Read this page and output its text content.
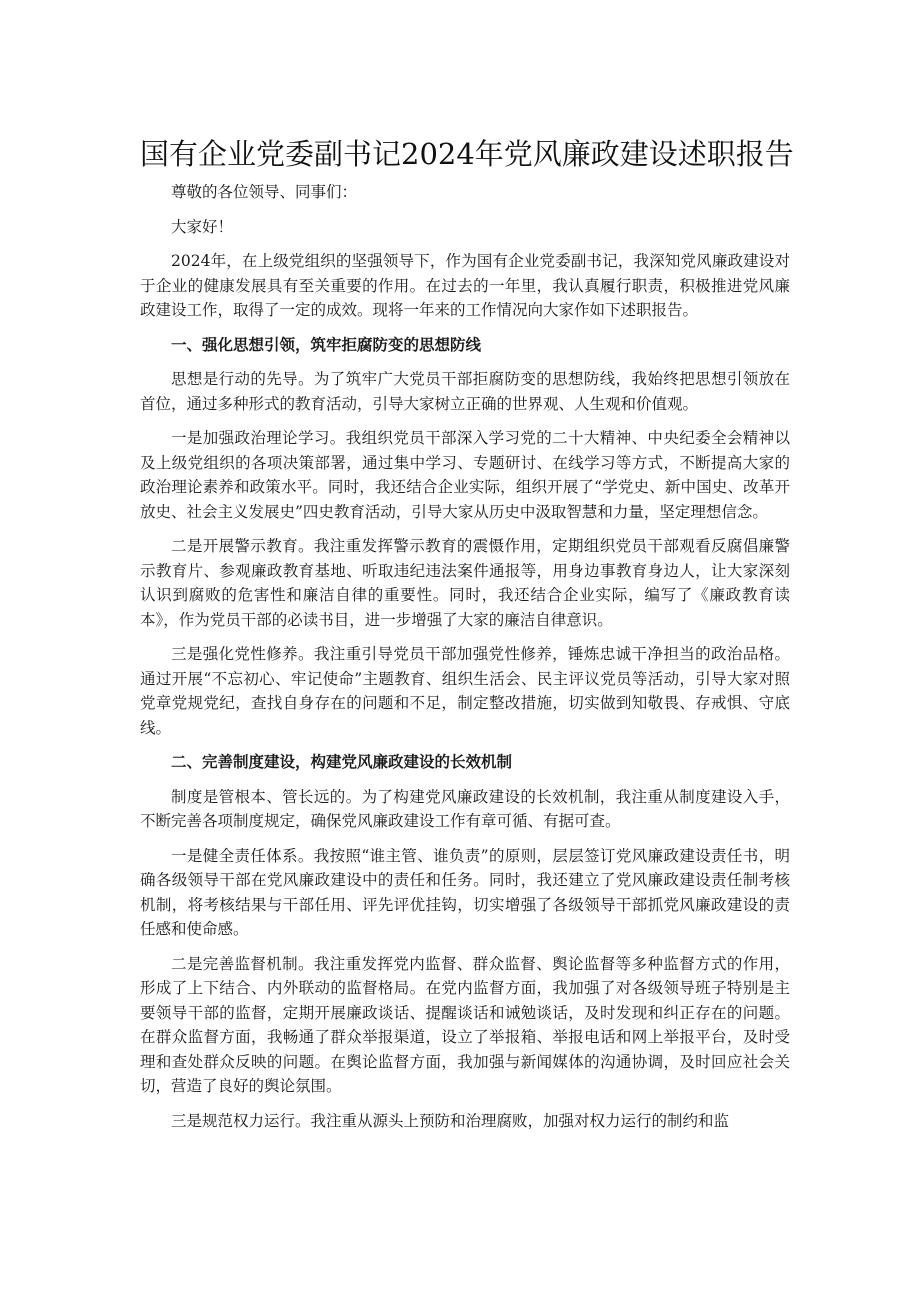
国有企业党委副书记2024年党风廉政建设述职报告

尊敬的各位领导、同事们：

大家好！

2024年，在上级党组织的坚强领导下，作为国有企业党委副书记，我深知党风廉政建设对于企业的健康发展具有至关重要的作用。在过去的一年里，我认真履行职责，积极推进党风廉政建设工作，取得了一定的成效。现将一年来的工作情况向大家作如下述职报告。

一、强化思想引领，筑牢拒腐防变的思想防线

思想是行动的先导。为了筑牢广大党员干部拒腐防变的思想防线，我始终把思想引领放在首位，通过多种形式的教育活动，引导大家树立正确的世界观、人生观和价值观。

一是加强政治理论学习。我组织党员干部深入学习党的二十大精神、中央纪委全会精神以及上级党组织的各项决策部署，通过集中学习、专题研讨、在线学习等方式，不断提高大家的政治理论素养和政策水平。同时，我还结合企业实际，组织开展了“学党史、新中国史、改革开放史、社会主义发展史”四史教育活动，引导大家从历史中汲取智慧和力量，坚定理想信念。

二是开展警示教育。我注重发挥警示教育的震慑作用，定期组织党员干部观看反腐倡廉警示教育片、参观廉政教育基地、听取违纪违法案件通报等，用身边事教育身边人，让大家深刻认识到腐败的危害性和廉洁自律的重要性。同时，我还结合企业实际，编写了《廉政教育读本》，作为党员干部的必读书目，进一步增强了大家的廉洁自律意识。

三是强化党性修养。我注重引导党员干部加强党性修养，锤炼忠诚干净担当的政治品格。通过开展“不忘初心、牢记使命”主题教育、组织生活会、民主评议党员等活动，引导大家对照党章党规党纪，查找自身存在的问题和不足，制定整改措施，切实做到知敬畏、存戒惧、守底线。

二、完善制度建设，构建党风廉政建设的长效机制

制度是管根本、管长远的。为了构建党风廉政建设的长效机制，我注重从制度建设入手，不断完善各项制度规定，确保党风廉政建设工作有章可循、有据可查。

一是健全责任体系。我按照“谁主管、谁负责”的原则，层层签订党风廉政建设责任书，明确各级领导干部在党风廉政建设中的责任和任务。同时，我还建立了党风廉政建设责任制考核机制，将考核结果与干部任用、评先评优挂钩，切实增强了各级领导干部抓党风廉政建设的责任感和使命感。

二是完善监督机制。我注重发挥党内监督、群众监督、舆论监督等多种监督方式的作用，形成了上下结合、内外联动的监督格局。在党内监督方面，我加强了对各级领导班子特别是主要领导干部的监督，定期开展廉政谈话、提醒谈话和诫勉谈话，及时发现和纠正存在的问题。在群众监督方面，我畅通了群众举报渠道，设立了举报箱、举报电话和网上举报平台，及时受理和查处群众反映的问题。在舆论监督方面，我加强与新闻媒体的沟通协调，及时回应社会关切，营造了良好的舆论氛围。

三是规范权力运行。我注重从源头上预防和治理腐败，加强对权力运行的制约和监
